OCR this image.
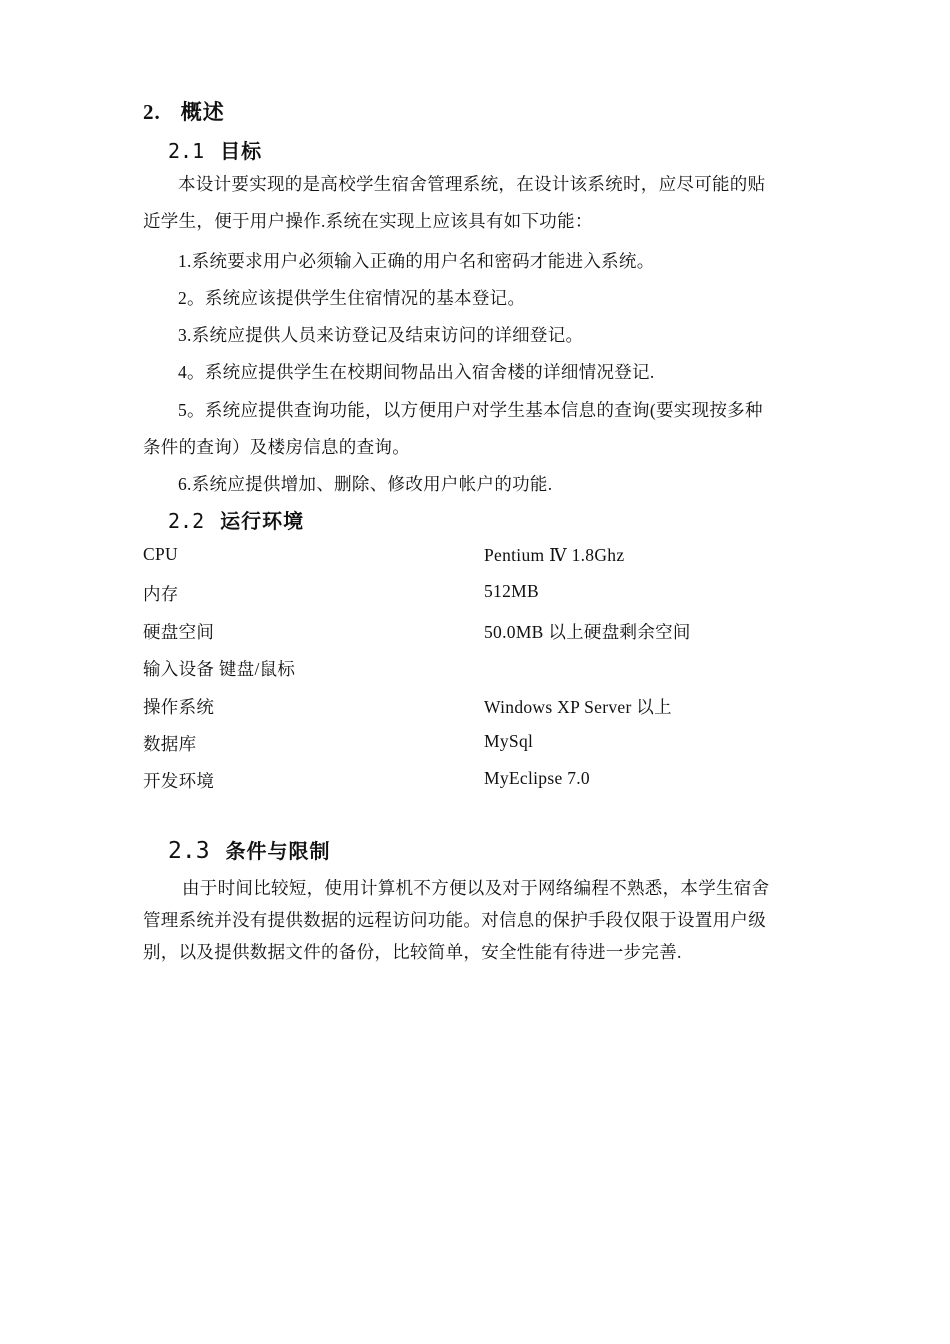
2. 概述
2.1 目标
本设计要实现的是高校学生宿舍管理系统，在设计该系统时，应尽可能的贴
近学生，便于用户操作.系统在实现上应该具有如下功能：
1.系统要求用户必须输入正确的用户名和密码才能进入系统。
2。系统应该提供学生住宿情况的基本登记。
3.系统应提供人员来访登记及结束访问的详细登记。
4。系统应提供学生在校期间物品出入宿舍楼的详细情况登记.
5。系统应提供查询功能，以方便用户对学生基本信息的查询(要实现按多种
条件的查询）及楼房信息的查询。
6.系统应提供增加、删除、修改用户帐户的功能.
2.2 运行环境
CPU	Pentium Ⅳ 1.8Ghz
内存	512MB
硬盘空间	50.0MB 以上硬盘剩余空间
输入设备 键盘/鼠标
操作系统	Windows XP Server 以上
数据库	MySql
开发环境	MyEclipse 7.0
2.3 条件与限制
由于时间比较短，使用计算机不方便以及对于网络编程不熟悉，本学生宿舍
管理系统并没有提供数据的远程访问功能。对信息的保护手段仅限于设置用户级
别，以及提供数据文件的备份，比较简单，安全性能有待进一步完善.
